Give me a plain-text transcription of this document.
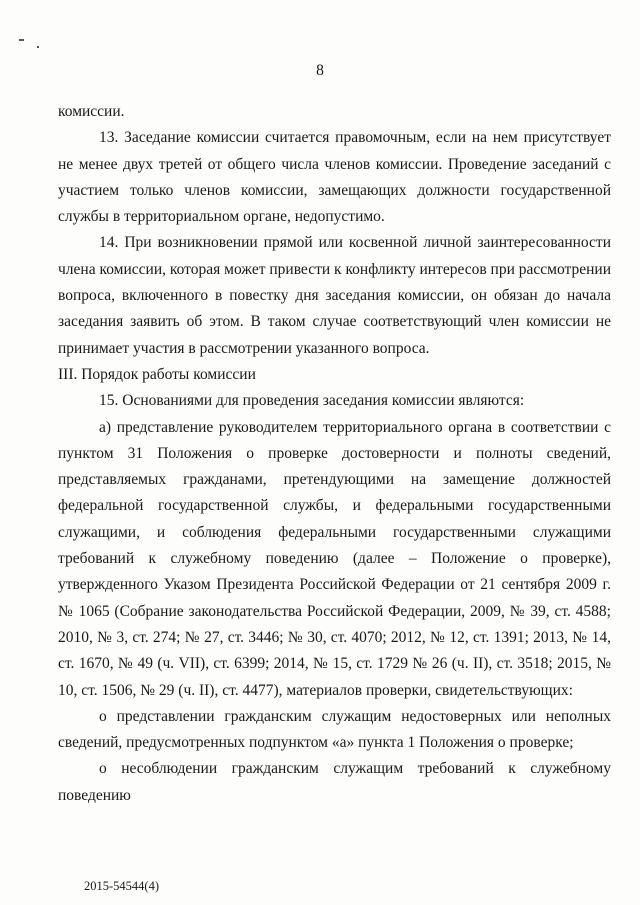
8

комиссии.

13. Заседание комиссии считается правомочным, если на нем присутствует не менее двух третей от общего числа членов комиссии. Проведение заседаний с участием только членов комиссии, замещающих должности государственной службы в территориальном органе, недопустимо.

14. При возникновении прямой или косвенной личной заинтересованности члена комиссии, которая может привести к конфликту интересов при рассмотрении вопроса, включенного в повестку дня заседания комиссии, он обязан до начала заседания заявить об этом. В таком случае соответствующий член комиссии не принимает участия в рассмотрении указанного вопроса.

III. Порядок работы комиссии

15. Основаниями для проведения заседания комиссии являются:

а) представление руководителем территориального органа в соответствии с пунктом 31 Положения о проверке достоверности и полноты сведений, представляемых гражданами, претендующими на замещение должностей федеральной государственной службы, и федеральными государственными служащими, и соблюдения федеральными государственными служащими требований к служебному поведению (далее – Положение о проверке), утвержденного Указом Президента Российской Федерации от 21 сентября 2009 г. № 1065 (Собрание законодательства Российской Федерации, 2009, № 39, ст. 4588; 2010, № 3, ст. 274; № 27, ст. 3446; № 30, ст. 4070; 2012, № 12, ст. 1391; 2013, № 14, ст. 1670, № 49 (ч. VII), ст. 6399; 2014, № 15, ст. 1729 № 26 (ч. II), ст. 3518; 2015, № 10, ст. 1506, № 29 (ч. II), ст. 4477), материалов проверки, свидетельствующих:

о представлении гражданским служащим недостоверных или неполных сведений, предусмотренных подпунктом «а» пункта 1 Положения о проверке;

о несоблюдении гражданским служащим требований к служебному поведению

2015-54544(4)
